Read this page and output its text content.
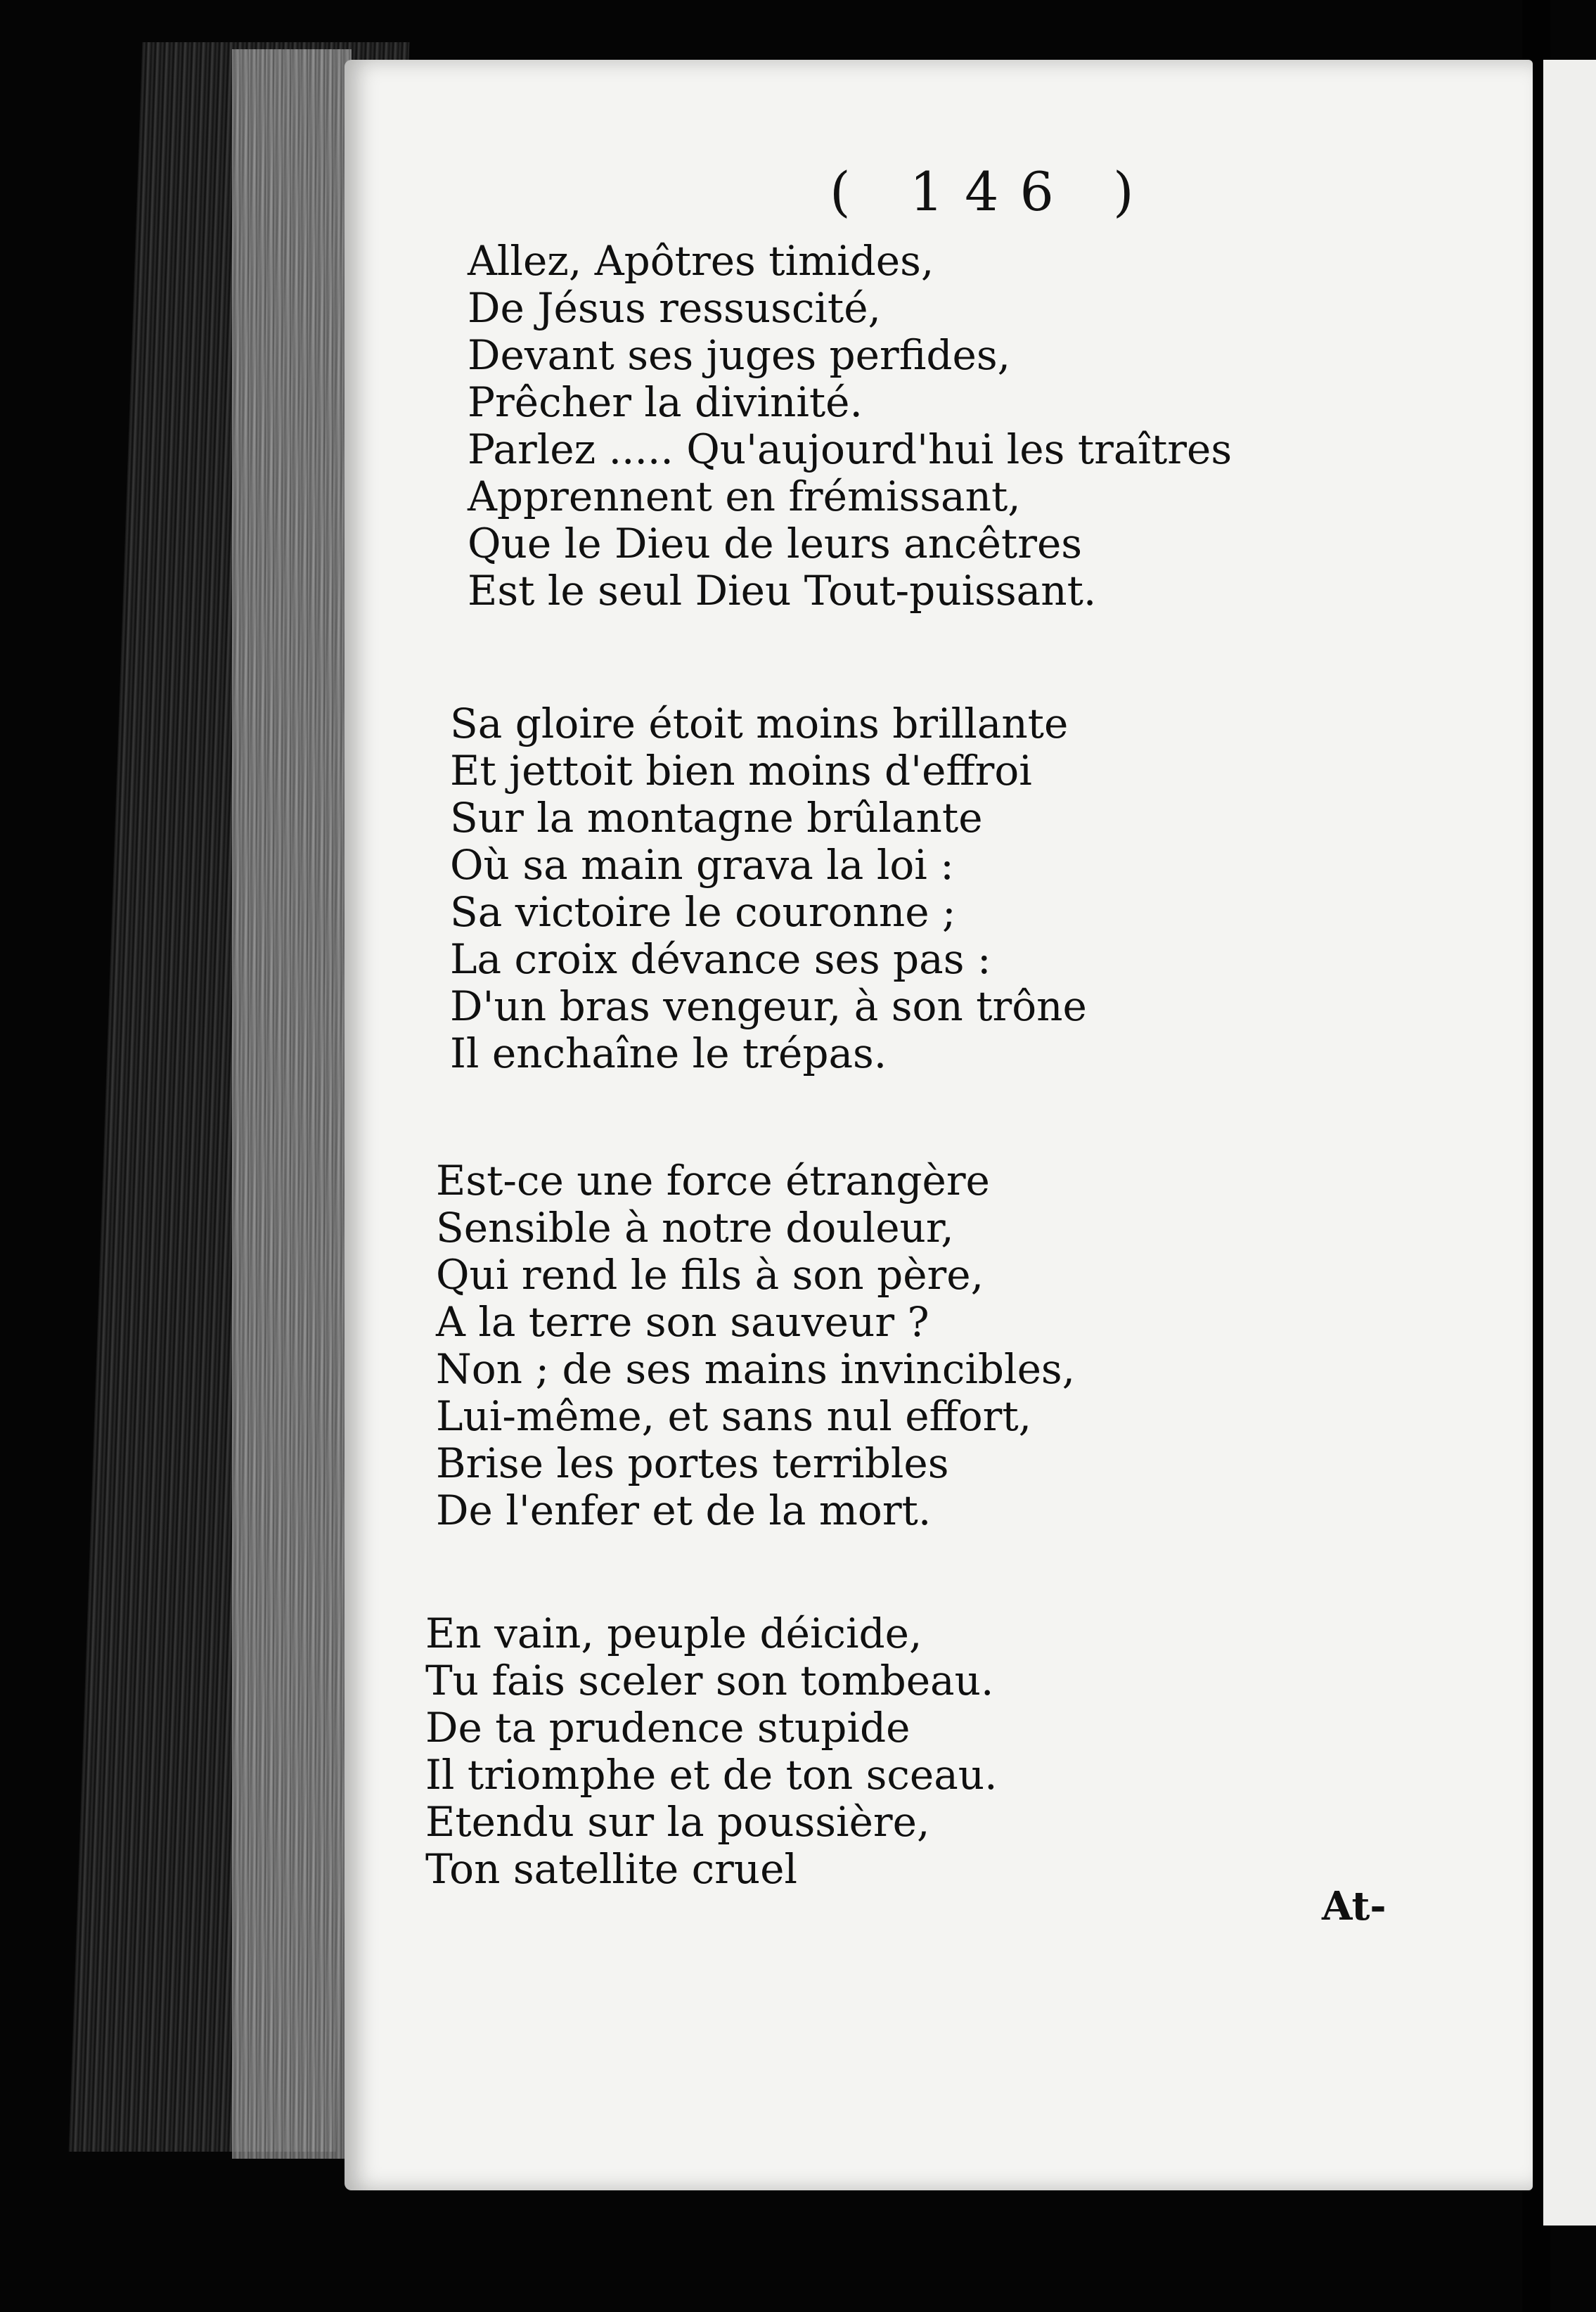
( 146 )

Allez, Apôtres timides,
De Jésus ressuscité,
Devant ses juges perfides,
Prêcher la divinité.
Parlez ..... Qu'aujourd'hui les traîtres
Apprennent en frémissant,
Que le Dieu de leurs ancêtres
Est le seul Dieu Tout-puissant.
Sa gloire étoit moins brillante
Et jettoit bien moins d'effroi
Sur la montagne brûlante
Où sa main grava la loi :
Sa victoire le couronne ;
La croix dévance ses pas :
D'un bras vengeur, à son trône
Il enchaîne le trépas.
Est-ce une force étrangère
Sensible à notre douleur,
Qui rend le fils à son père,
A la terre son sauveur ?
Non ; de ses mains invincibles,
Lui-même, et sans nul effort,
Brise les portes terribles
De l'enfer et de la mort.
En vain, peuple déicide,
Tu fais sceler son tombeau.
De ta prudence stupide
Il triomphe et de ton sceau.
Etendu sur la poussière,
Ton satellite cruel

At-
